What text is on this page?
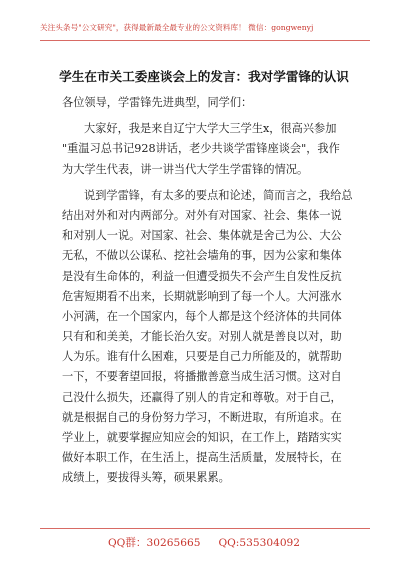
关注头条号"公文研究"，获得最新最全最专业的公文资料库！ 微信：gongwenyj
学生在市关工委座谈会上的发言：我对学雷锋的认识
各位领导，学雷锋先进典型，同学们：
大家好，我是来自辽宁大学大三学生x，很高兴参加
"重温习总书记928讲话，老少共谈学雷锋座谈会"，我作
为大学生代表，讲一讲当代大学生学雷锋的情况。
说到学雷锋，有太多的要点和论述，简而言之，我给总
结出对外和对内两部分。对外有对国家、社会、集体一说
和对别人一说。对国家、社会、集体就是舍己为公、大公
无私，不做以公谋私、挖社会墙角的事，因为公家和集体
是没有生命体的，利益一但遭受损失不会产生自发性反抗
危害短期看不出来，长期就影响到了每一个人。大河涨水
小河满，在一个国家内，每个人都是这个经济体的共同体
只有和和美美，才能长治久安。对别人就是善良以对，助
人为乐。谁有什么困难，只要是自己力所能及的，就帮助
一下，不要奢望回报，将播撒善意当成生活习惯。这对自
己没什么损失，还赢得了别人的肯定和尊敬。对于自己，
就是根据自己的身份努力学习，不断进取，有所追求。在
学业上，就要掌握应知应会的知识，在工作上，踏踏实实
做好本职工作，在生活上，提高生活质量，发展特长，在
成绩上，要拔得头筹，硕果累累。
QQ群：30265665 QQ:535304092
